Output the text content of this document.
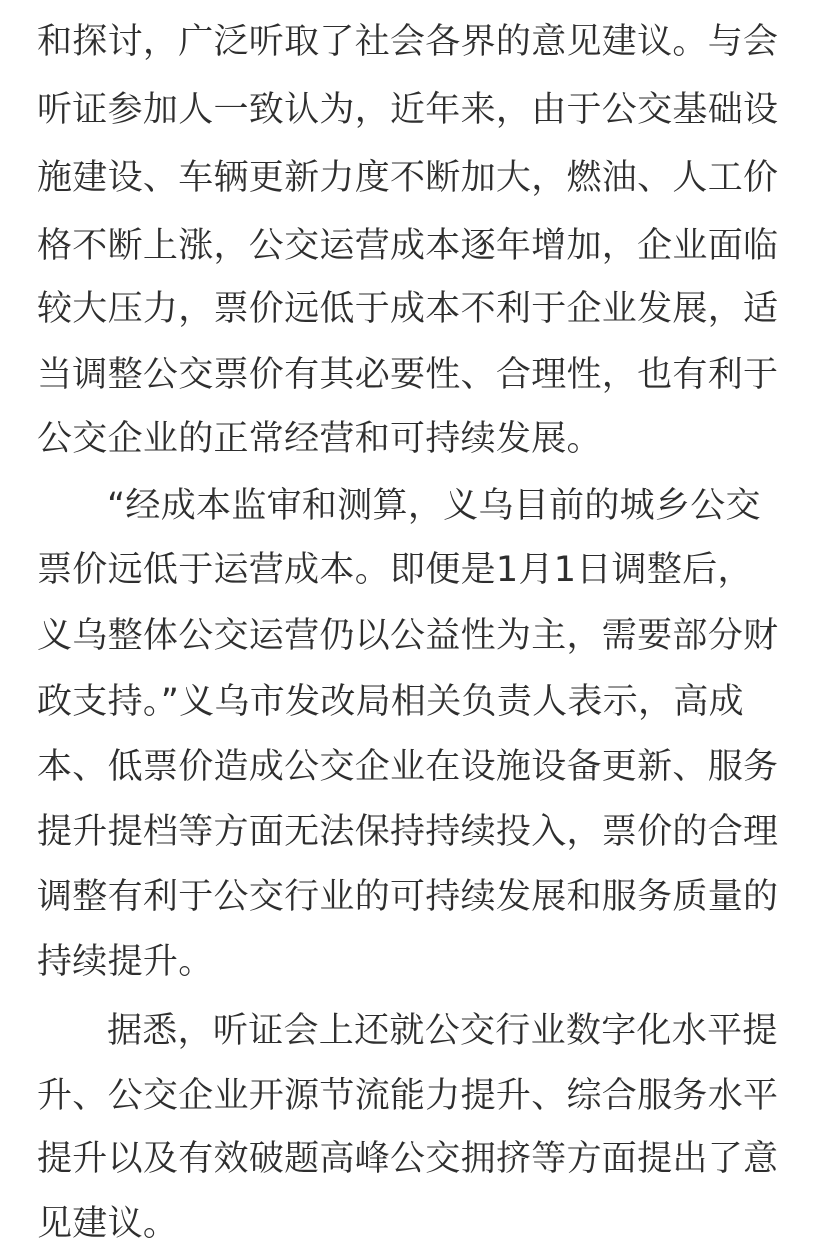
和探讨，广泛听取了社会各界的意见建议。与会
听证参加人一致认为，近年来，由于公交基础设
施建设、车辆更新力度不断加大，燃油、人工价
格不断上涨，公交运营成本逐年增加，企业面临
较大压力，票价远低于成本不利于企业发展，适
当调整公交票价有其必要性、合理性，也有利于
公交企业的正常经营和可持续发展。
“经成本监审和测算，义乌目前的城乡公交
票价远低于运营成本。即便是1月1日调整后，
义乌整体公交运营仍以公益性为主，需要部分财
政支持。”义乌市发改局相关负责人表示，高成
本、低票价造成公交企业在设施设备更新、服务
提升提档等方面无法保持持续投入，票价的合理
调整有利于公交行业的可持续发展和服务质量的
持续提升。
据悉，听证会上还就公交行业数字化水平提
升、公交企业开源节流能力提升、综合服务水平
提升以及有效破题高峰公交拥挤等方面提出了意
见建议。
